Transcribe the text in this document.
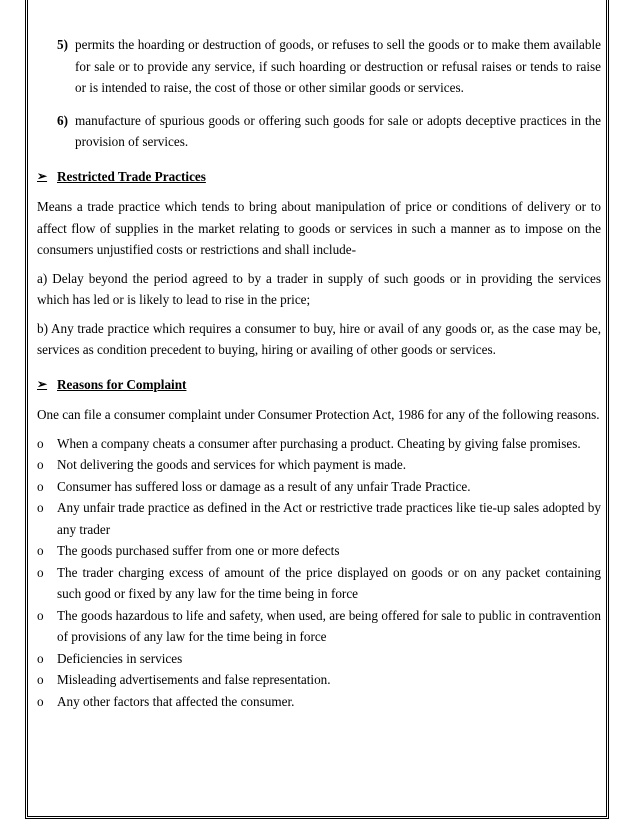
5) permits the hoarding or destruction of goods, or refuses to sell the goods or to make them available for sale or to provide any service, if such hoarding or destruction or refusal raises or tends to raise or is intended to raise, the cost of those or other similar goods or services.
6) manufacture of spurious goods or offering such goods for sale or adopts deceptive practices in the provision of services.
➢ Restricted Trade Practices
Means a trade practice which tends to bring about manipulation of price or conditions of delivery or to affect flow of supplies in the market relating to goods or services in such a manner as to impose on the consumers unjustified costs or restrictions and shall include-
a) Delay beyond the period agreed to by a trader in supply of such goods or in providing the services which has led or is likely to lead to rise in the price;
b) Any trade practice which requires a consumer to buy, hire or avail of any goods or, as the case may be, services as condition precedent to buying, hiring or availing of other goods or services.
➢ Reasons for Complaint
One can file a consumer complaint under Consumer Protection Act, 1986 for any of the following reasons.
o	When a company cheats a consumer after purchasing a product. Cheating by giving false promises.
o	Not delivering the goods and services for which payment is made.
o	Consumer has suffered loss or damage as a result of any unfair Trade Practice.
o	Any unfair trade practice as defined in the Act or restrictive trade practices like tie-up sales adopted by any trader
o	The goods purchased suffer from one or more defects
o	The trader charging excess of amount of the price displayed on goods or on any packet containing such good or fixed by any law for the time being in force
o	The goods hazardous to life and safety, when used, are being offered for sale to public in contravention of provisions of any law for the time being in force
o	Deficiencies in services
o	Misleading advertisements and false representation.
o	Any other factors that affected the consumer.
